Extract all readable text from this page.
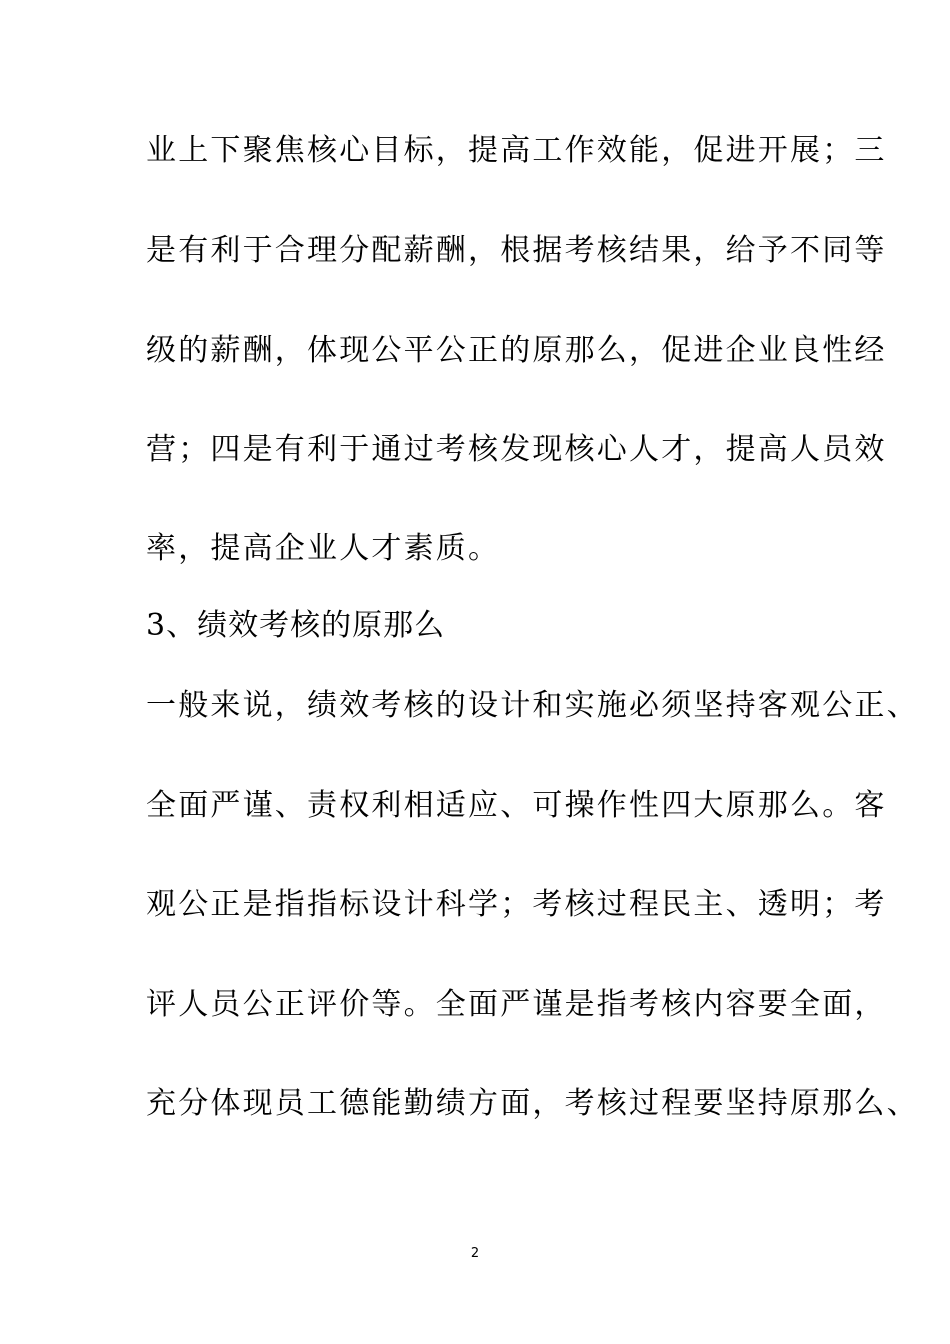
业上下聚焦核心目标，提高工作效能，促进开展；三
是有利于合理分配薪酬，根据考核结果，给予不同等
级的薪酬，体现公平公正的原那么，促进企业良性经
营；四是有利于通过考核发现核心人才，提高人员效
率，提高企业人才素质。
3、绩效考核的原那么
一般来说，绩效考核的设计和实施必须坚持客观公正、
全面严谨、责权利相适应、可操作性四大原那么。客
观公正是指指标设计科学；考核过程民主、透明；考
评人员公正评价等。全面严谨是指考核内容要全面，
充分体现员工德能勤绩方面，考核过程要坚持原那么、
2
